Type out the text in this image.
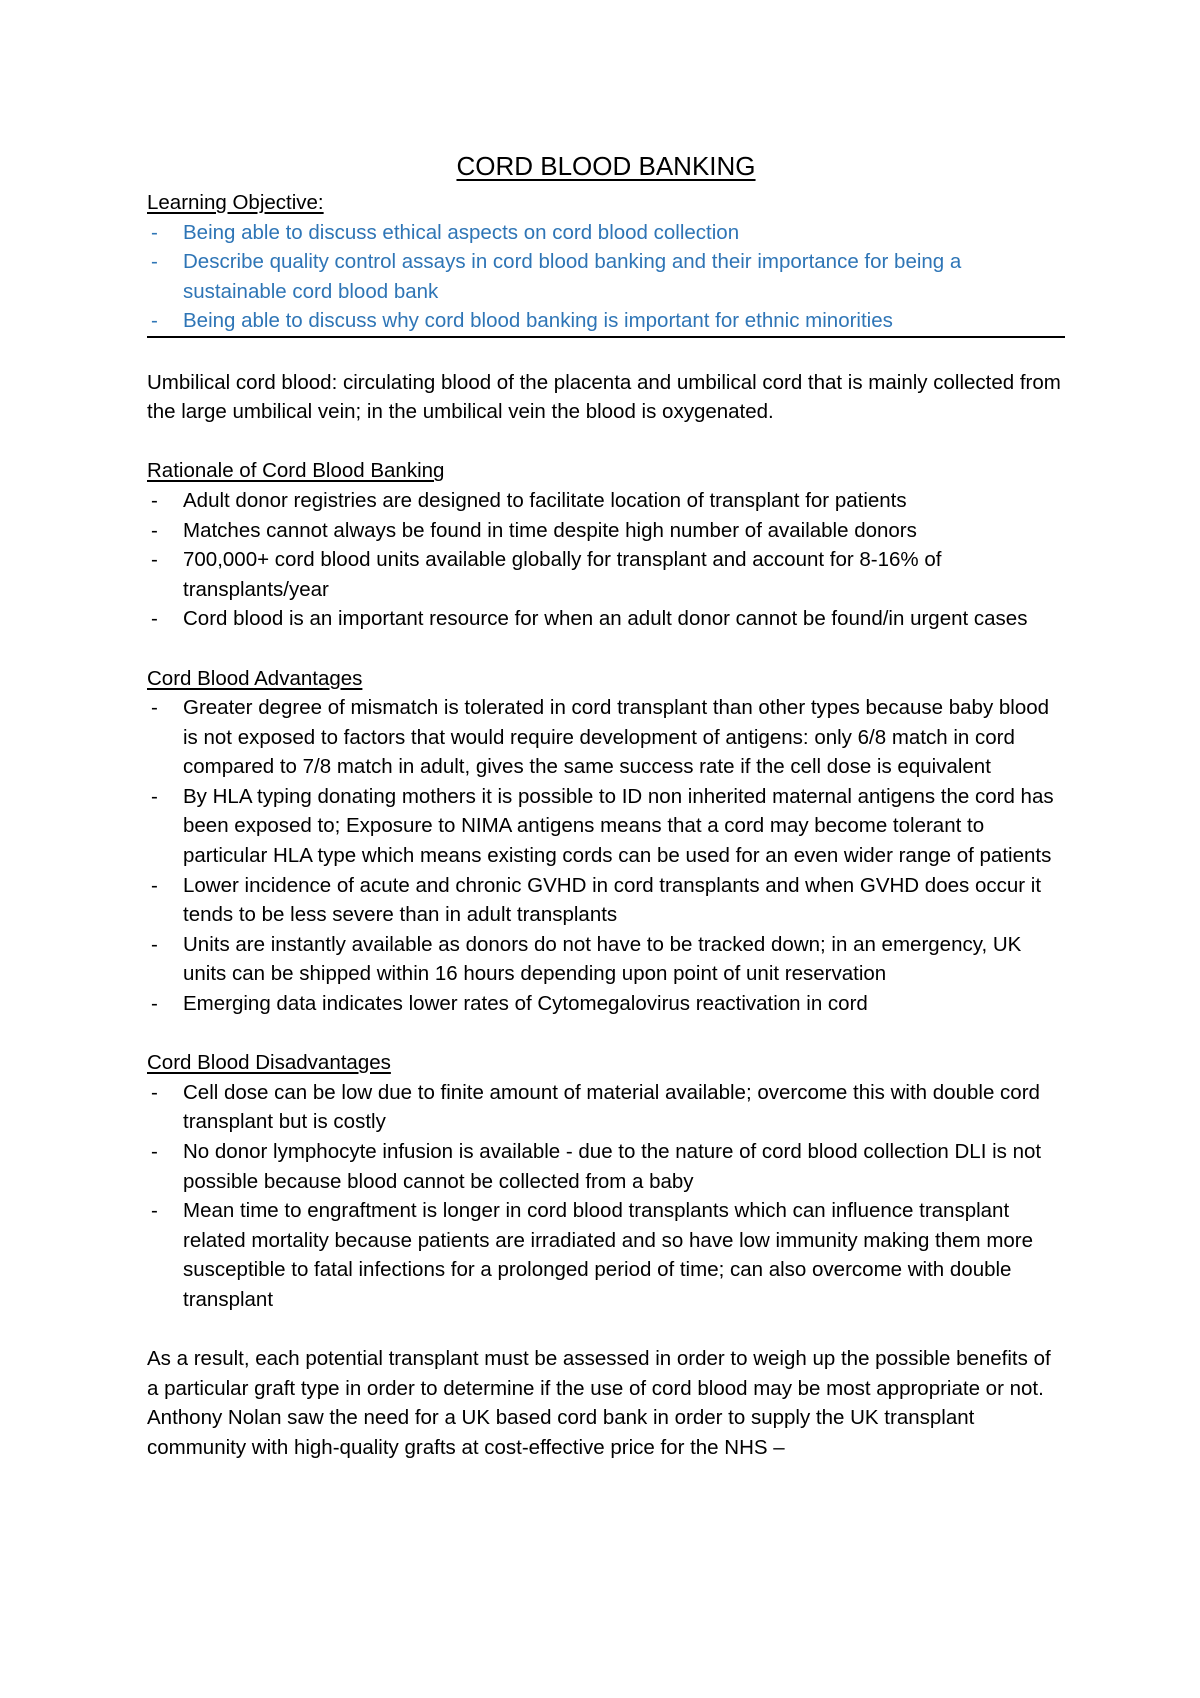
CORD BLOOD BANKING
Learning Objective:
- Being able to discuss ethical aspects on cord blood collection
- Describe quality control assays in cord blood banking and their importance for being a sustainable cord blood bank
- Being able to discuss why cord blood banking is important for ethnic minorities

Umbilical cord blood: circulating blood of the placenta and umbilical cord that is mainly collected from the large umbilical vein; in the umbilical vein the blood is oxygenated.

Rationale of Cord Blood Banking
- Adult donor registries are designed to facilitate location of transplant for patients
- Matches cannot always be found in time despite high number of available donors
- 700,000+ cord blood units available globally for transplant and account for 8-16% of transplants/year
- Cord blood is an important resource for when an adult donor cannot be found/in urgent cases
Cord Blood Advantages
- Greater degree of mismatch is tolerated in cord transplant than other types because baby blood is not exposed to factors that would require development of antigens: only 6/8 match in cord compared to 7/8 match in adult, gives the same success rate if the cell dose is equivalent
- By HLA typing donating mothers it is possible to ID non inherited maternal antigens the cord has been exposed to; Exposure to NIMA antigens means that a cord may become tolerant to particular HLA type which means existing cords can be used for an even wider range of patients
- Lower incidence of acute and chronic GVHD in cord transplants and when GVHD does occur it tends to be less severe than in adult transplants
- Units are instantly available as donors do not have to be tracked down; in an emergency, UK units can be shipped within 16 hours depending upon point of unit reservation
- Emerging data indicates lower rates of Cytomegalovirus reactivation in cord
Cord Blood Disadvantages
- Cell dose can be low due to finite amount of material available; overcome this with double cord transplant but is costly
- No donor lymphocyte infusion is available - due to the nature of cord blood collection DLI is not possible because blood cannot be collected from a baby
- Mean time to engraftment is longer in cord blood transplants which can influence transplant related mortality because patients are irradiated and so have low immunity making them more susceptible to fatal infections for a prolonged period of time; can also overcome with double transplant

As a result, each potential transplant must be assessed in order to weigh up the possible benefits of a particular graft type in order to determine if the use of cord blood may be most appropriate or not. Anthony Nolan saw the need for a UK based cord bank in order to supply the UK transplant community with high-quality grafts at cost-effective price for the NHS –
